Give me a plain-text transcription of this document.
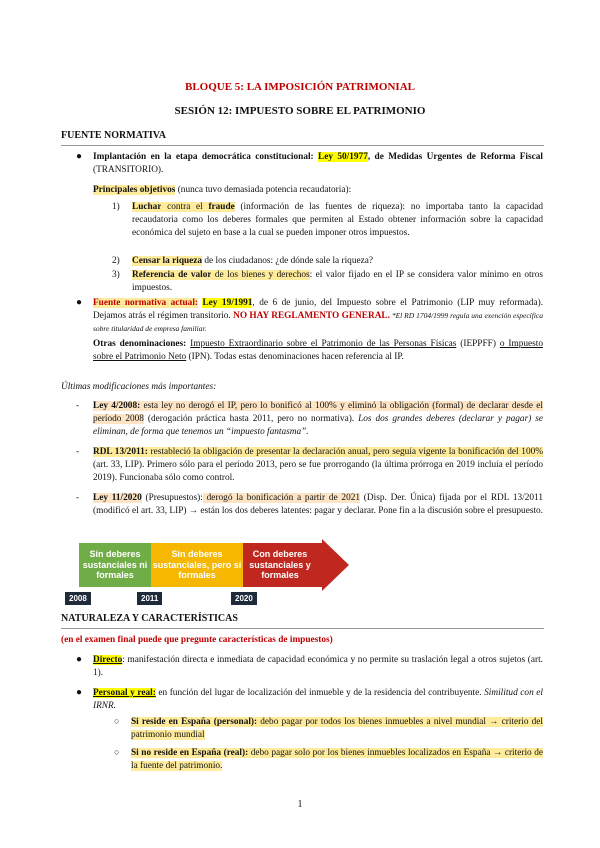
BLOQUE 5: LA IMPOSICIÓN PATRIMONIAL
SESIÓN 12: IMPUESTO SOBRE EL PATRIMONIO
FUENTE NORMATIVA
● Implantación en la etapa democrática constitucional: Ley 50/1977, de Medidas Urgentes de Reforma Fiscal (TRANSITORIO).
Principales objetivos (nunca tuvo demasiada potencia recaudatoria):
1) Luchar contra el fraude (información de las fuentes de riqueza): no importaba tanto la capacidad recaudatoria como los deberes formales que permiten al Estado obtener información sobre la capacidad económica del sujeto en base a la cual se pueden imponer otros impuestos.
2) Censar la riqueza de los ciudadanos: ¿de dónde sale la riqueza?
3) Referencia de valor de los bienes y derechos: el valor fijado en el IP se considera valor mínimo en otros impuestos.
● Fuente normativa actual: Ley 19/1991, de 6 de junio, del Impuesto sobre el Patrimonio (LIP muy reformada). Dejamos atrás el régimen transitorio. NO HAY REGLAMENTO GENERAL. *El RD 1704/1999 regula una exención específica sobre titularidad de empresa familiar.
Otras denominaciones: Impuesto Extraordinario sobre el Patrimonio de las Personas Físicas (IEPPFF) o Impuesto sobre el Patrimonio Neto (IPN). Todas estas denominaciones hacen referencia al IP.
Últimas modificaciones más importantes:
- Ley 4/2008: esta ley no derogó el IP, pero lo bonificó al 100% y eliminó la obligación (formal) de declarar desde el período 2008 (derogación práctica hasta 2011, pero no normativa). Los dos grandes deberes (declarar y pagar) se eliminan, de forma que tenemos un “impuesto fantasma”.
- RDL 13/2011: restableció la obligación de presentar la declaración anual, pero seguía vigente la bonificación del 100% (art. 33, LIP). Primero sólo para el período 2013, pero se fue prorrogando (la última prórroga en 2019 incluía el período 2019). Funcionaba sólo como control.
- Ley 11/2020 (Presupuestos): derogó la bonificación a partir de 2021 (Disp. Der. Única) fijada por el RDL 13/2011 (modificó el art. 33, LIP) → están los dos deberes latentes: pagar y declarar. Pone fin a la discusión sobre el presupuesto.
Sin deberes sustanciales ni formales
Sin deberes sustanciales, pero sí formales
Con deberes sustanciales y formales
2008	2011	2020
NATURALEZA Y CARACTERÍSTICAS
(en el examen final puede que pregunte características de impuestos)
● Directo: manifestación directa e inmediata de capacidad económica y no permite su traslación legal a otros sujetos (art. 1).
● Personal y real: en función del lugar de localización del inmueble y de la residencia del contribuyente. Similitud con el IRNR.
○ Si reside en España (personal): debo pagar por todos los bienes inmuebles a nivel mundial → criterio del patrimonio mundial
○ Si no reside en España (real): debo pagar solo por los bienes inmuebles localizados en España → criterio de la fuente del patrimonio.
1
